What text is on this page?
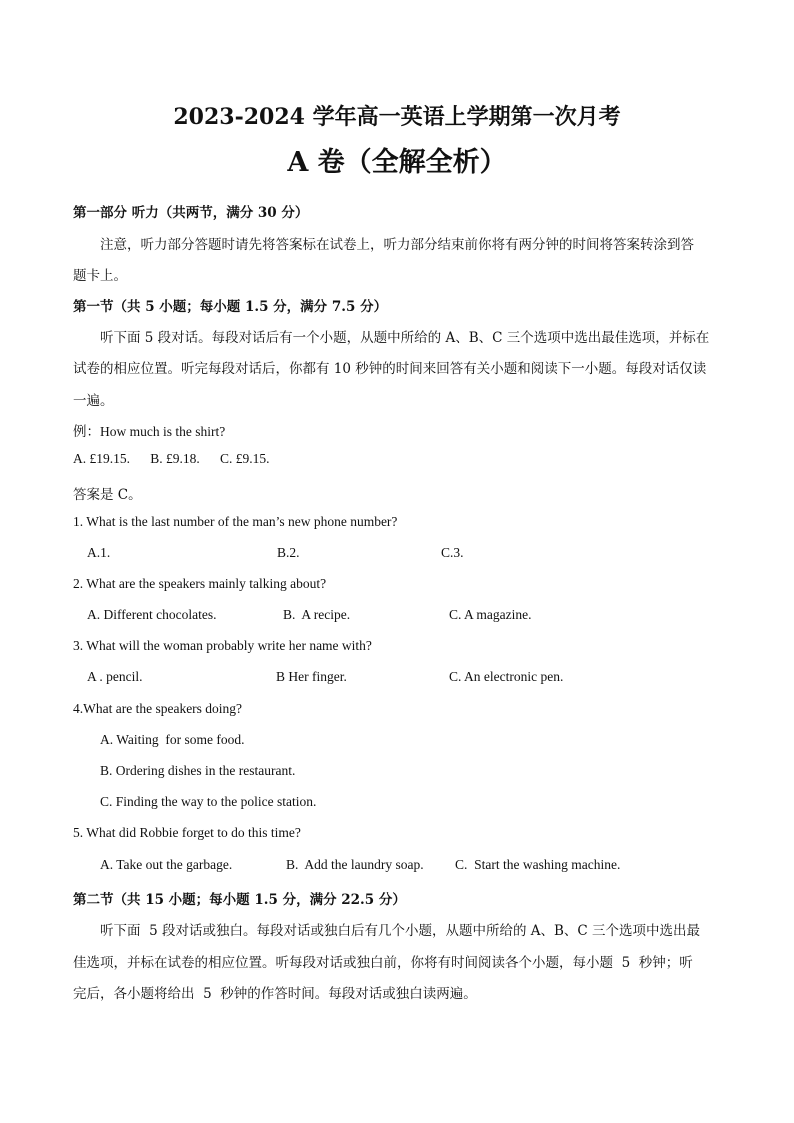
2023-2024 学年高一英语上学期第一次月考
A 卷（全解全析）
第一部分 听力（共两节，满分 30 分）
注意，听力部分答题时请先将答案标在试卷上，听力部分结束前你将有两分钟的时间将答案转涂到答
题卡上。
第一节（共 5 小题；每小题 1.5 分，满分 7.5 分）
听下面 5 段对话。每段对话后有一个小题，从题中所给的 A、B、C 三个选项中选出最佳选项，并标在
试卷的相应位置。听完每段对话后，你都有 10 秒钟的时间来回答有关小题和阅读下一小题。每段对话仅读
一遍。
例：How much is the shirt?
A. £19.15.      B. £9.18.      C. £9.15.
答案是 C。
1. What is the last number of the man’s new phone number?
A.1.	B.2.	C.3.
2. What are the speakers mainly talking about?
A. Different chocolates.	B.  A recipe.	C. A magazine.
3. What will the woman probably write her name with?
A . pencil.	B Her finger.	C. An electronic pen.
4.What are the speakers doing?
A. Waiting  for some food.
B. Ordering dishes in the restaurant.
C. Finding the way to the police station.
5. What did Robbie forget to do this time?
A. Take out the garbage.	B.  Add the laundry soap. C.  Start the washing machine.
第二节（共 15 小题；每小题 1.5 分，满分 22.5 分）
听下面  5 段对话或独白。每段对话或独白后有几个小题，从题中所给的 A、B、C 三个选项中选出最
佳选项，并标在试卷的相应位置。听每段对话或独白前，你将有时间阅读各个小题，每小题  5  秒钟；听
完后，各小题将给出  5  秒钟的作答时间。每段对话或独白读两遍。
